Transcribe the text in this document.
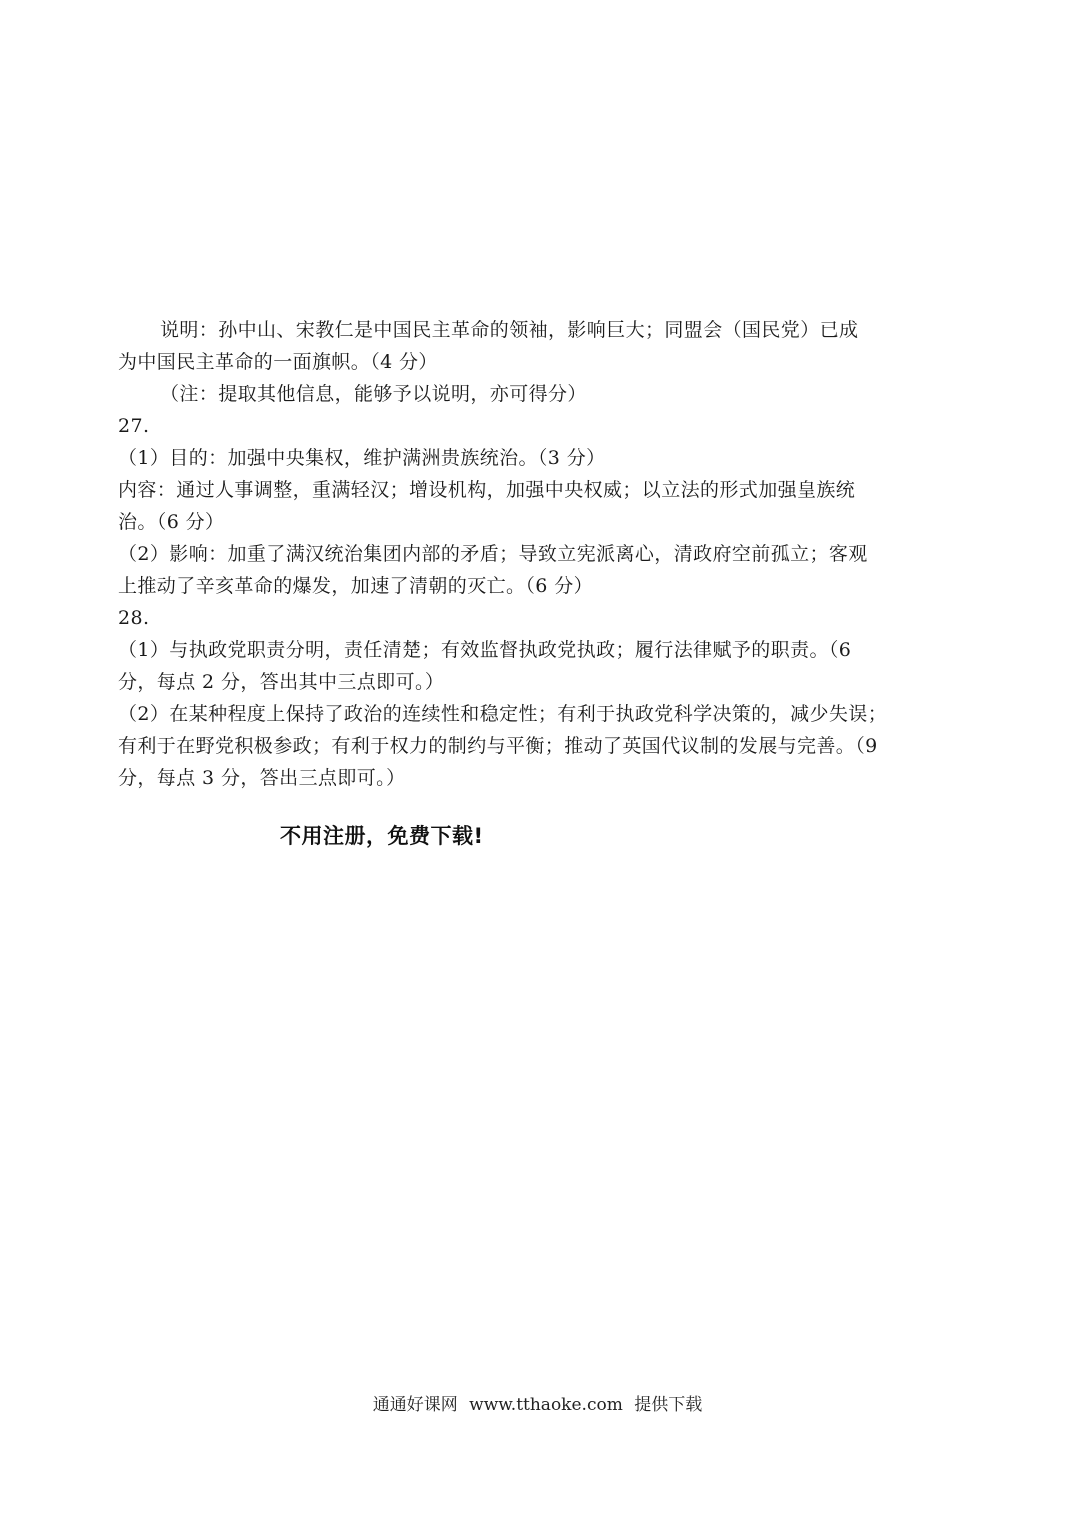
说明：孙中山、宋教仁是中国民主革命的领袖，影响巨大；同盟会（国民党）已成
为中国民主革命的一面旗帜。（4 分）
（注：提取其他信息，能够予以说明，亦可得分）
27.
（1）目的：加强中央集权，维护满洲贵族统治。（3 分）
内容：通过人事调整，重满轻汉；增设机构，加强中央权威；以立法的形式加强皇族统
治。（6 分）
（2）影响：加重了满汉统治集团内部的矛盾；导致立宪派离心，清政府空前孤立；客观
上推动了辛亥革命的爆发，加速了清朝的灭亡。（6 分）
28.
（1）与执政党职责分明，责任清楚；有效监督执政党执政；履行法律赋予的职责。（6
分，每点 2 分，答出其中三点即可。）
（2）在某种程度上保持了政治的连续性和稳定性；有利于执政党科学决策的，减少失误；
有利于在野党积极参政；有利于权力的制约与平衡；推动了英国代议制的发展与完善。（9
分，每点 3 分，答出三点即可。）
不用注册，免费下载!
通通好课网 www.tthaoke.com 提供下载
